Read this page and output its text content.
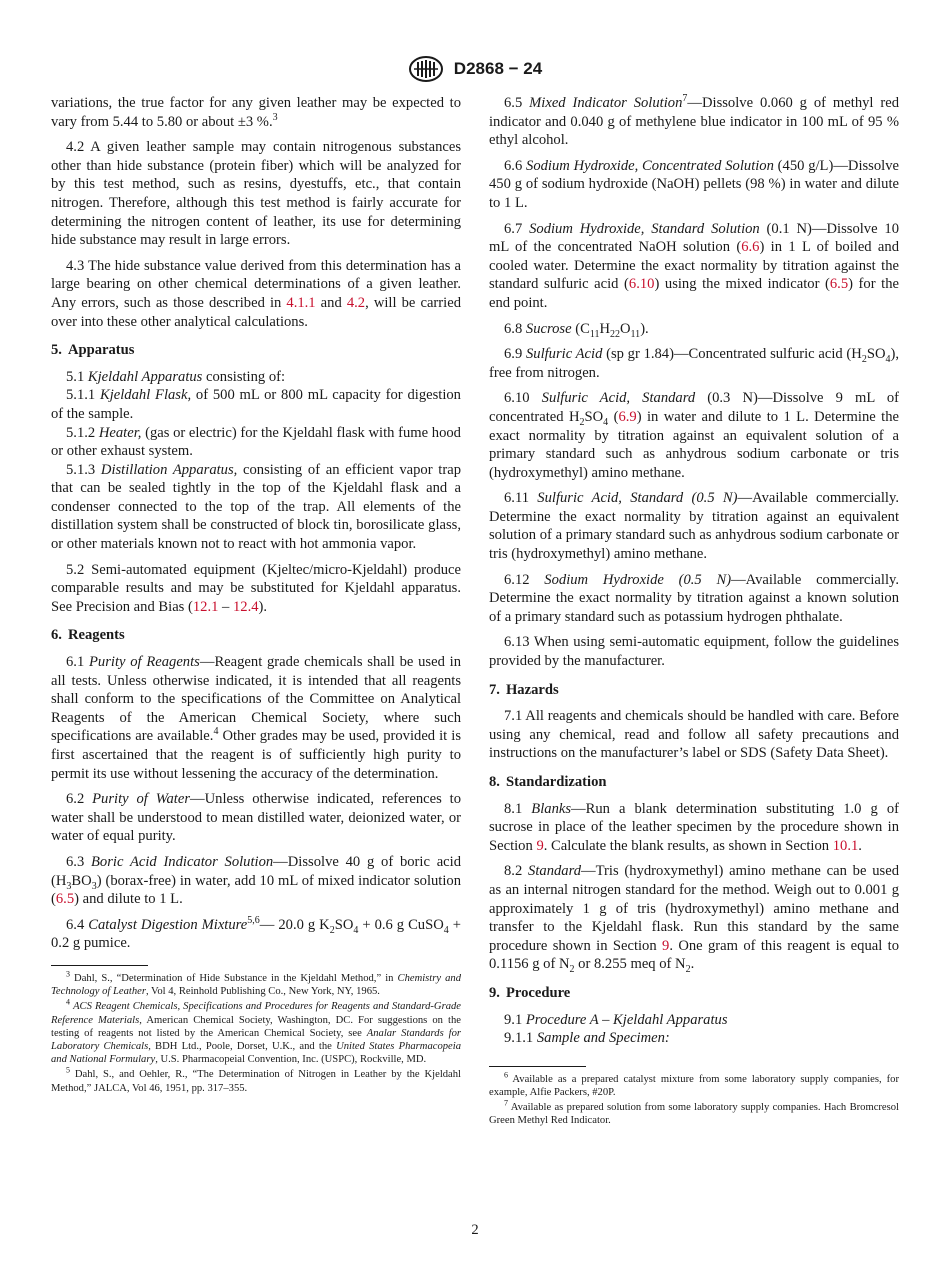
D2868 − 24

variations, the true factor for any given leather may be expected to vary from 5.44 to 5.80 or about ±3 %.$^3$

4.2 A given leather sample may contain nitrogenous substances other than hide substance (protein fiber) which will be analyzed for by this test method, such as resins, dyestuffs, etc., that contain nitrogen. Therefore, although this test method is fairly accurate for determining the nitrogen content of leather, its use for determining hide substance may result in large errors.

4.3 The hide substance value derived from this determination has a large bearing on other chemical determinations of a given leather. Any errors, such as those described in 4.1.1 and 4.2, will be carried over into these other analytical calculations.

5. Apparatus

5.1 Kjeldahl Apparatus consisting of:

5.1.1 Kjeldahl Flask, of 500 mL or 800 mL capacity for digestion of the sample.

5.1.2 Heater, (gas or electric) for the Kjeldahl flask with fume hood or other exhaust system.

5.1.3 Distillation Apparatus, consisting of an efficient vapor trap that can be sealed tightly in the top of the Kjeldahl flask and a condenser connected to the top of the trap. All elements of the distillation system shall be constructed of block tin, borosilicate glass, or other materials known not to react with hot ammonia vapor.

5.2 Semi-automated equipment (Kjeltec/micro-Kjeldahl) produce comparable results and may be substituted for Kjeldahl apparatus. See Precision and Bias (12.1 – 12.4).

6. Reagents

6.1 Purity of Reagents—Reagent grade chemicals shall be used in all tests. Unless otherwise indicated, it is intended that all reagents shall conform to the specifications of the Committee on Analytical Reagents of the American Chemical Society, where such specifications are available.$^4$ Other grades may be used, provided it is first ascertained that the reagent is of sufficiently high purity to permit its use without lessening the accuracy of the determination.

6.2 Purity of Water—Unless otherwise indicated, references to water shall be understood to mean distilled water, deionized water, or water of equal purity.

6.3 Boric Acid Indicator Solution—Dissolve 40 g of boric acid $(H_3BO_3)$ (borax-free) in water, add 10 mL of mixed indicator solution (6.5) and dilute to 1 L.

6.4 Catalyst Digestion Mixture$^{5,6}$— 20.0 g $K_2SO_4 + 0.6$ g CuSO$_4$ + 0.2 g pumice.

$^3$ Dahl, S., “Determination of Hide Substance in the Kjeldahl Method,” in Chemistry and Technology of Leather, Vol 4, Reinhold Publishing Co., New York, NY, 1965.

$^4$ ACS Reagent Chemicals, Specifications and Procedures for Reagents and Standard-Grade Reference Materials, American Chemical Society, Washington, DC. For suggestions on the testing of reagents not listed by the American Chemical Society, see Analar Standards for Laboratory Chemicals, BDH Ltd., Poole, Dorset, U.K., and the United States Pharmacopeia and National Formulary, U.S. Pharmacopeial Convention, Inc. (USPC), Rockville, MD.

$^5$ Dahl, S., and Oehler, R., “The Determination of Nitrogen in Leather by the Kjeldahl Method,” JALCA, Vol 46, 1951, pp. 317–355.

6.5 Mixed Indicator Solution$^7$—Dissolve 0.060 g of methyl red indicator and 0.040 g of methylene blue indicator in 100 mL of 95 % ethyl alcohol.

6.6 Sodium Hydroxide, Concentrated Solution (450 g/L)—Dissolve 450 g of sodium hydroxide (NaOH) pellets (98 %) in water and dilute to 1 L.

6.7 Sodium Hydroxide, Standard Solution (0.1 N)—Dissolve 10 mL of the concentrated NaOH solution (6.6) in 1 L of boiled and cooled water. Determine the exact normality by titration against the standard sulfuric acid (6.10) using the mixed indicator (6.5) for the end point.

6.8 Sucrose $(C_{11}H_{22}O_{11})$.

6.9 Sulfuric Acid (sp gr 1.84)—Concentrated sulfuric acid $(H_2SO_4)$, free from nitrogen.

6.10 Sulfuric Acid, Standard (0.3 N)—Dissolve 9 mL of concentrated $H_2SO_4$ (6.9) in water and dilute to 1 L. Determine the exact normality by titration against an equivalent solution of a primary standard such as anhydrous sodium carbonate or tris (hydroxymethyl) amino methane.

6.11 Sulfuric Acid, Standard (0.5 N)—Available commercially. Determine the exact normality by titration against an equivalent solution of a primary standard such as anhydrous sodium carbonate or tris (hydroxymethyl) amino methane.

6.12 Sodium Hydroxide (0.5 N)—Available commercially. Determine the exact normality by titration against a known solution of a primary standard such as potassium hydrogen phthalate.

6.13 When using semi-automatic equipment, follow the guidelines provided by the manufacturer.

7. Hazards

7.1 All reagents and chemicals should be handled with care. Before using any chemical, read and follow all safety precautions and instructions on the manufacturer’s label or SDS (Safety Data Sheet).

8. Standardization

8.1 Blanks—Run a blank determination substituting 1.0 g of sucrose in place of the leather specimen by the procedure shown in Section 9. Calculate the blank results, as shown in Section 10.1.

8.2 Standard—Tris (hydroxymethyl) amino methane can be used as an internal nitrogen standard for the method. Weigh out to 0.001 g approximately 1 g of tris (hydroxymethyl) amino methane and transfer to the Kjeldahl flask. Run this standard by the same procedure shown in Section 9. One gram of this reagent is equal to 0.1156 g of $N_2$ or 8.255 meq of $N_2$.

9. Procedure

9.1 Procedure A – Kjeldahl Apparatus

9.1.1 Sample and Specimen:

$^6$ Available as a prepared catalyst mixture from some laboratory supply companies, for example, Alfie Packers, #20P.

$^7$ Available as prepared solution from some laboratory supply companies. Hach Bromcresol Green Methyl Red Indicator.

2
